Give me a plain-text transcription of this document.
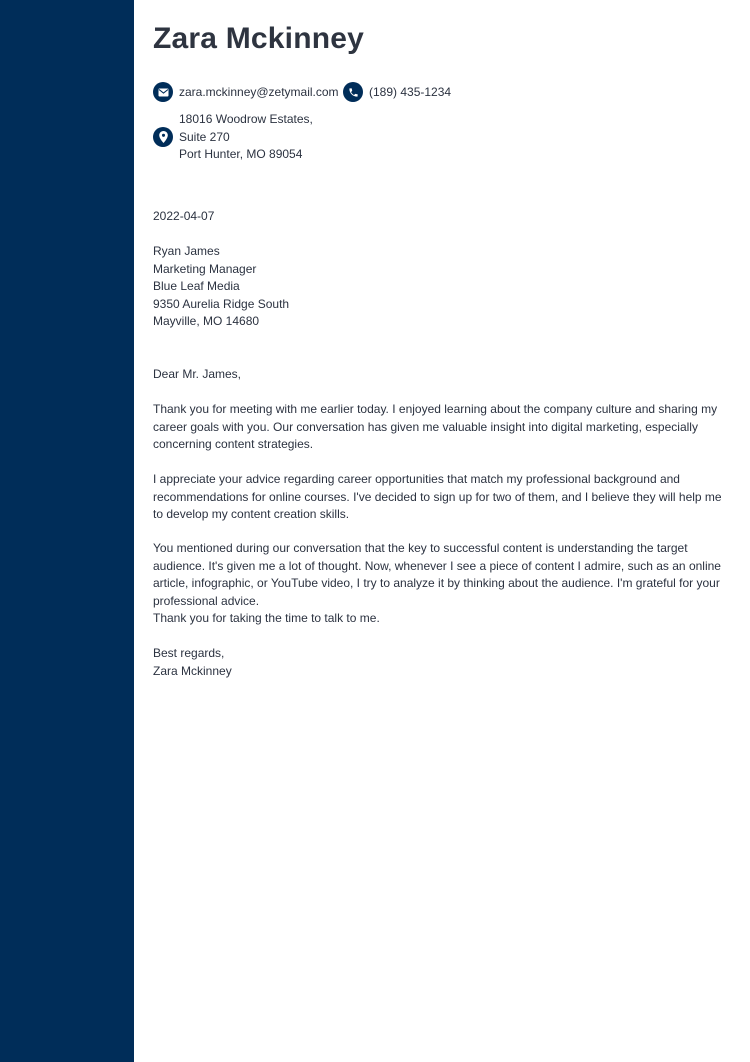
Zara Mckinney
zara.mckinney@zetymail.com	(189) 435-1234
18016 Woodrow Estates,
Suite 270
Port Hunter, MO 89054
2022-04-07
Ryan James
Marketing Manager
Blue Leaf Media
9350 Aurelia Ridge South
Mayville, MO 14680

Dear Mr. James,

Thank you for meeting with me earlier today. I enjoyed learning about the company culture and sharing my career goals with you. Our conversation has given me valuable insight into digital marketing, especially concerning content strategies.

I appreciate your advice regarding career opportunities that match my professional background and recommendations for online courses. I've decided to sign up for two of them, and I believe they will help me to develop my content creation skills.

You mentioned during our conversation that the key to successful content is understanding the target audience. It's given me a lot of thought. Now, whenever I see a piece of content I admire, such as an online article, infographic, or YouTube video, I try to analyze it by thinking about the audience. I'm grateful for your professional advice.

Thank you for taking the time to talk to me.

Best regards,
Zara Mckinney
